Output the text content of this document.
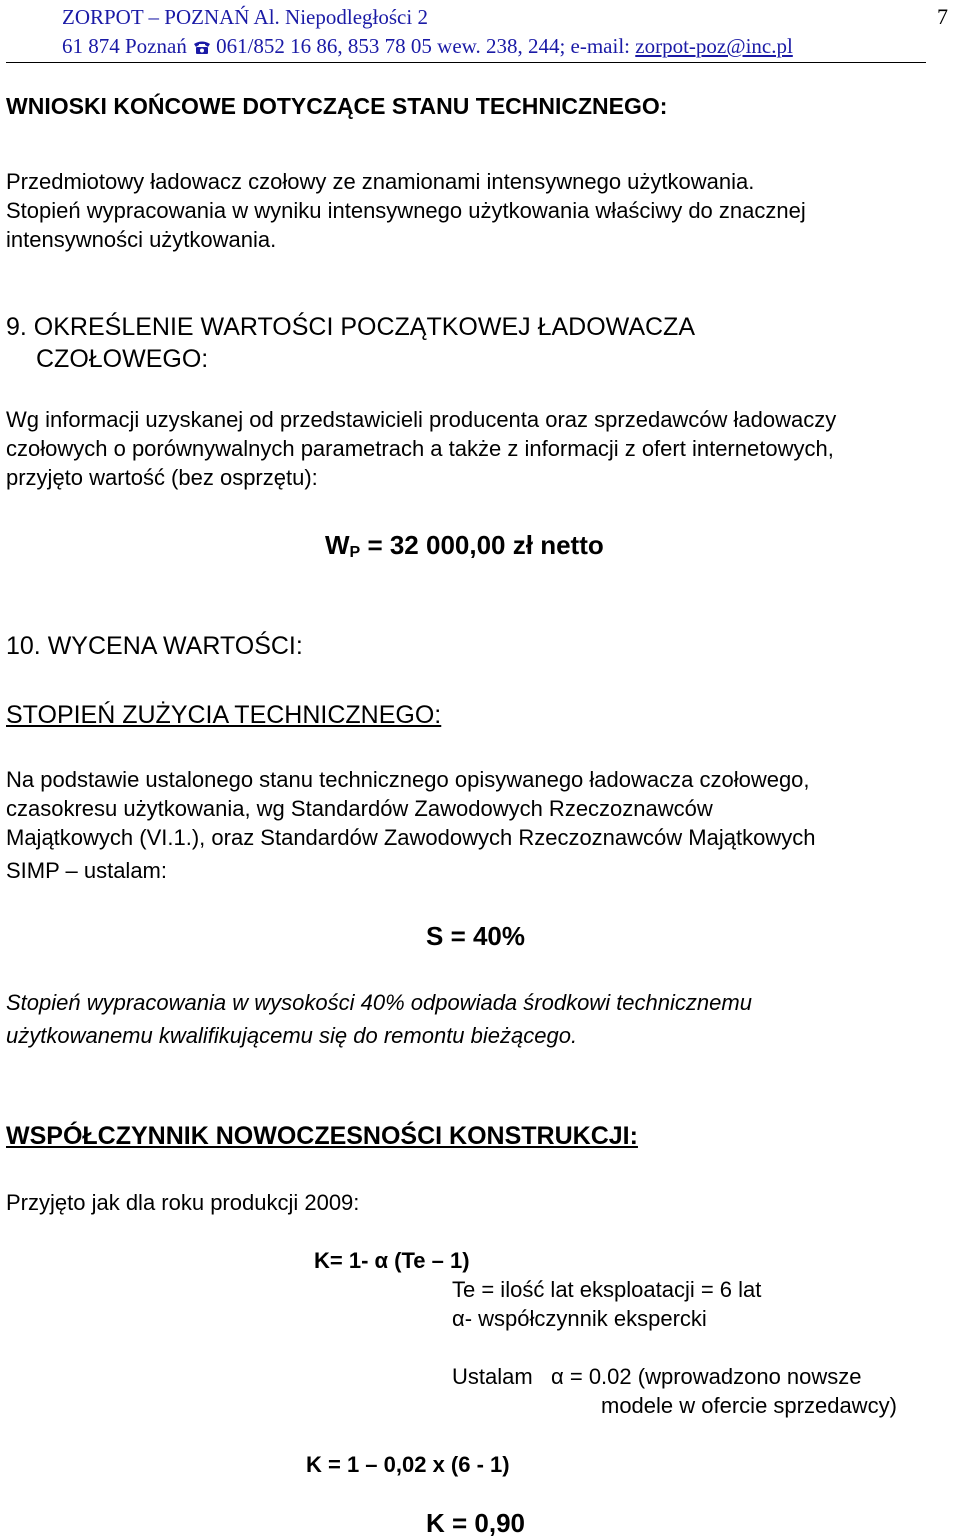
ZORPOT – POZNAŃ Al. Niepodległości 2
61 874 Poznań 061/852 16 86, 853 78 05 wew. 238, 244; e-mail: zorpot-poz@inc.pl
7
WNIOSKI KOŃCOWE DOTYCZĄCE STANU TECHNICZNEGO:
Przedmiotowy ładowacz czołowy ze znamionami intensywnego użytkowania.
Stopień wypracowania w wyniku intensywnego użytkowania właściwy do znacznej
intensywności użytkowania.
9. OKREŚLENIE WARTOŚCI POCZĄTKOWEJ ŁADOWACZA
CZOŁOWEGO:
Wg informacji uzyskanej od przedstawicieli producenta oraz sprzedawców ładowaczy
czołowych o porównywalnych parametrach a także z informacji z ofert internetowych,
przyjęto wartość (bez osprzętu):
WP = 32 000,00 zł netto
10. WYCENA WARTOŚCI:
STOPIEŃ ZUŻYCIA TECHNICZNEGO:
Na podstawie ustalonego stanu technicznego opisywanego ładowacza czołowego,
czasokresu użytkowania, wg Standardów Zawodowych Rzeczoznawców
Majątkowych (VI.1.), oraz Standardów Zawodowych Rzeczoznawców Majątkowych
SIMP – ustalam:
S = 40%
Stopień wypracowania w wysokości 40% odpowiada środkowi technicznemu
użytkowanemu kwalifikującemu się do remontu bieżącego.
WSPÓŁCZYNNIK NOWOCZESNOŚCI KONSTRUKCJI:
Przyjęto jak dla roku produkcji 2009:
K= 1- α (Te – 1)
Te = ilość lat eksploatacji = 6 lat
α- współczynnik ekspercki
Ustalam   α = 0.02 (wprowadzono nowsze
modele w ofercie sprzedawcy)
K = 1 – 0,02 x (6 - 1)
K = 0,90
